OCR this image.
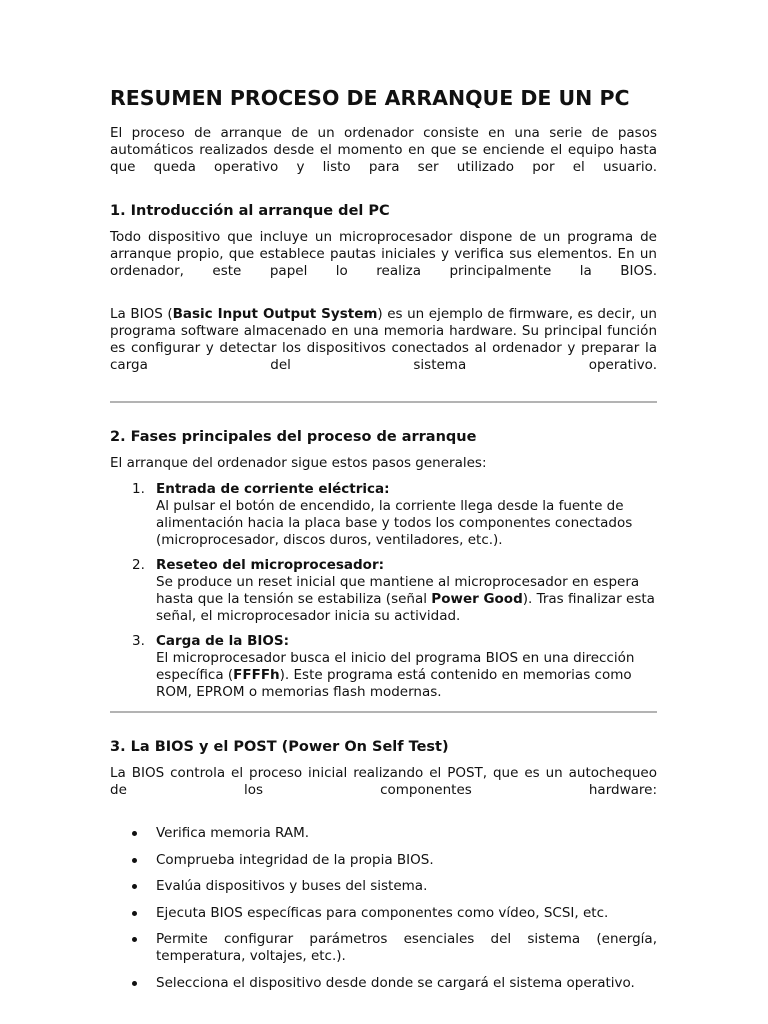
RESUMEN PROCESO DE ARRANQUE DE UN PC

El proceso de arranque de un ordenador consiste en una serie de pasos automáticos realizados desde el momento en que se enciende el equipo hasta que queda operativo y listo para ser utilizado por el usuario.

1. Introducción al arranque del PC

Todo dispositivo que incluye un microprocesador dispone de un programa de arranque propio, que establece pautas iniciales y verifica sus elementos. En un ordenador, este papel lo realiza principalmente la BIOS.

La BIOS (Basic Input Output System) es un ejemplo de firmware, es decir, un programa software almacenado en una memoria hardware. Su principal función es configurar y detectar los dispositivos conectados al ordenador y preparar la carga del sistema operativo.

2. Fases principales del proceso de arranque

El arranque del ordenador sigue estos pasos generales:

1. Entrada de corriente eléctrica:
Al pulsar el botón de encendido, la corriente llega desde la fuente de alimentación hacia la placa base y todos los componentes conectados (microprocesador, discos duros, ventiladores, etc.).
2. Reseteo del microprocesador:
Se produce un reset inicial que mantiene al microprocesador en espera hasta que la tensión se estabiliza (señal Power Good). Tras finalizar esta señal, el microprocesador inicia su actividad.
3. Carga de la BIOS:
El microprocesador busca el inicio del programa BIOS en una dirección específica (FFFFh). Este programa está contenido en memorias como ROM, EPROM o memorias flash modernas.
3. La BIOS y el POST (Power On Self Test)

La BIOS controla el proceso inicial realizando el POST, que es un autochequeo de los componentes hardware:

Verifica memoria RAM.
Comprueba integridad de la propia BIOS.
Evalúa dispositivos y buses del sistema.
Ejecuta BIOS específicas para componentes como vídeo, SCSI, etc.
Permite configurar parámetros esenciales del sistema (energía, temperatura, voltajes, etc.).
Selecciona el dispositivo desde donde se cargará el sistema operativo.
